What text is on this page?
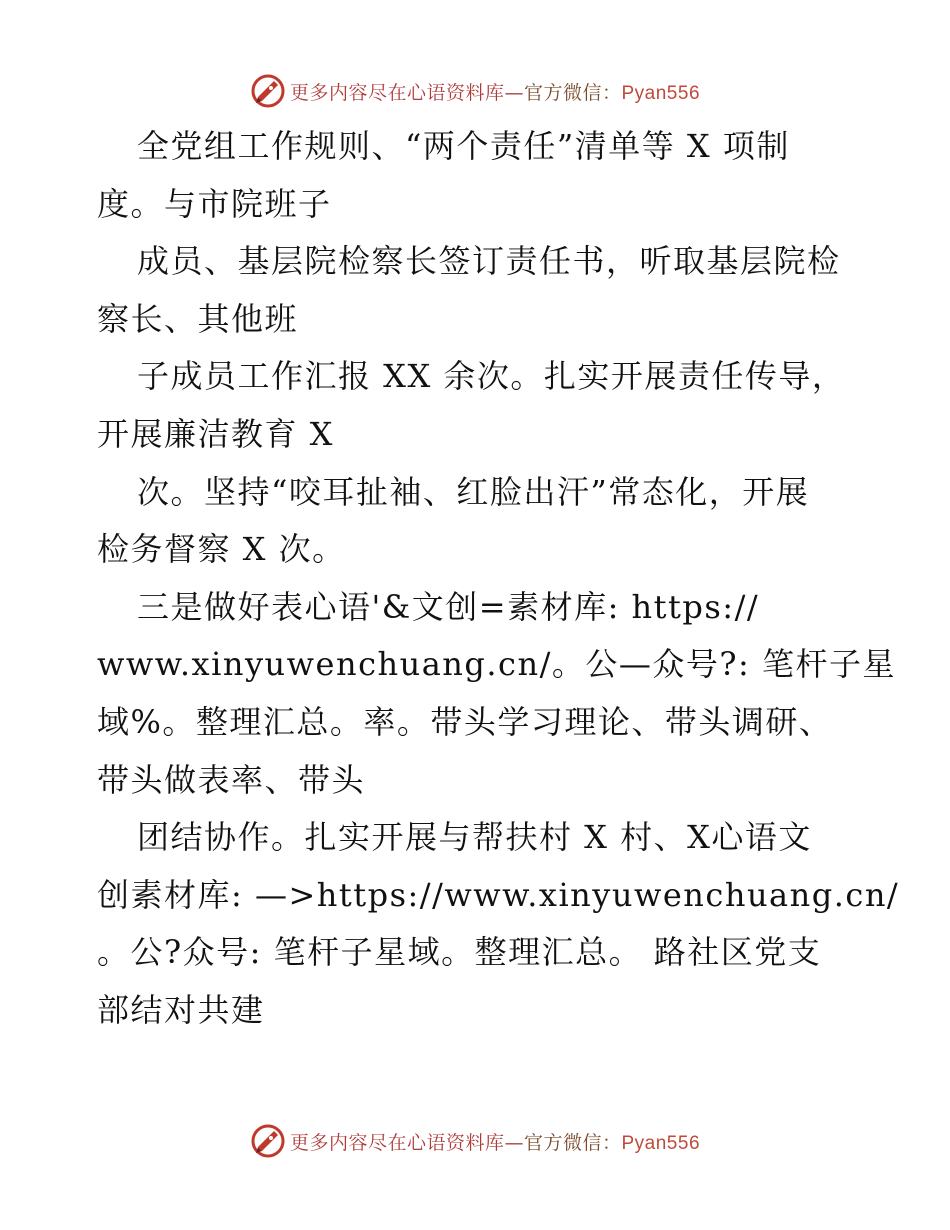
更多内容尽在心语资料库—官方微信：Pyan556
全党组工作规则、“两个责任”清单等 X 项制
度。与市院班子
成员、基层院检察长签订责任书，听取基层院检
察长、其他班
子成员工作汇报 XX 余次。扎实开展责任传导，
开展廉洁教育 X
次。坚持“咬耳扯袖、红脸出汗”常态化，开展
检务督察 X 次。
三是做好表心语'&文创=素材库: https://
www.xinyuwenchuang.cn/。公—众号?: 笔杆子星
域%。整理汇总。率。带头学习理论、带头调研、
带头做表率、带头
团结协作。扎实开展与帮扶村 X 村、X心语文
创素材库: —>https://www.xinyuwenchuang.cn/
。公?众号: 笔杆子星域。整理汇总。 路社区党支
部结对共建
更多内容尽在心语资料库—官方微信：Pyan556
